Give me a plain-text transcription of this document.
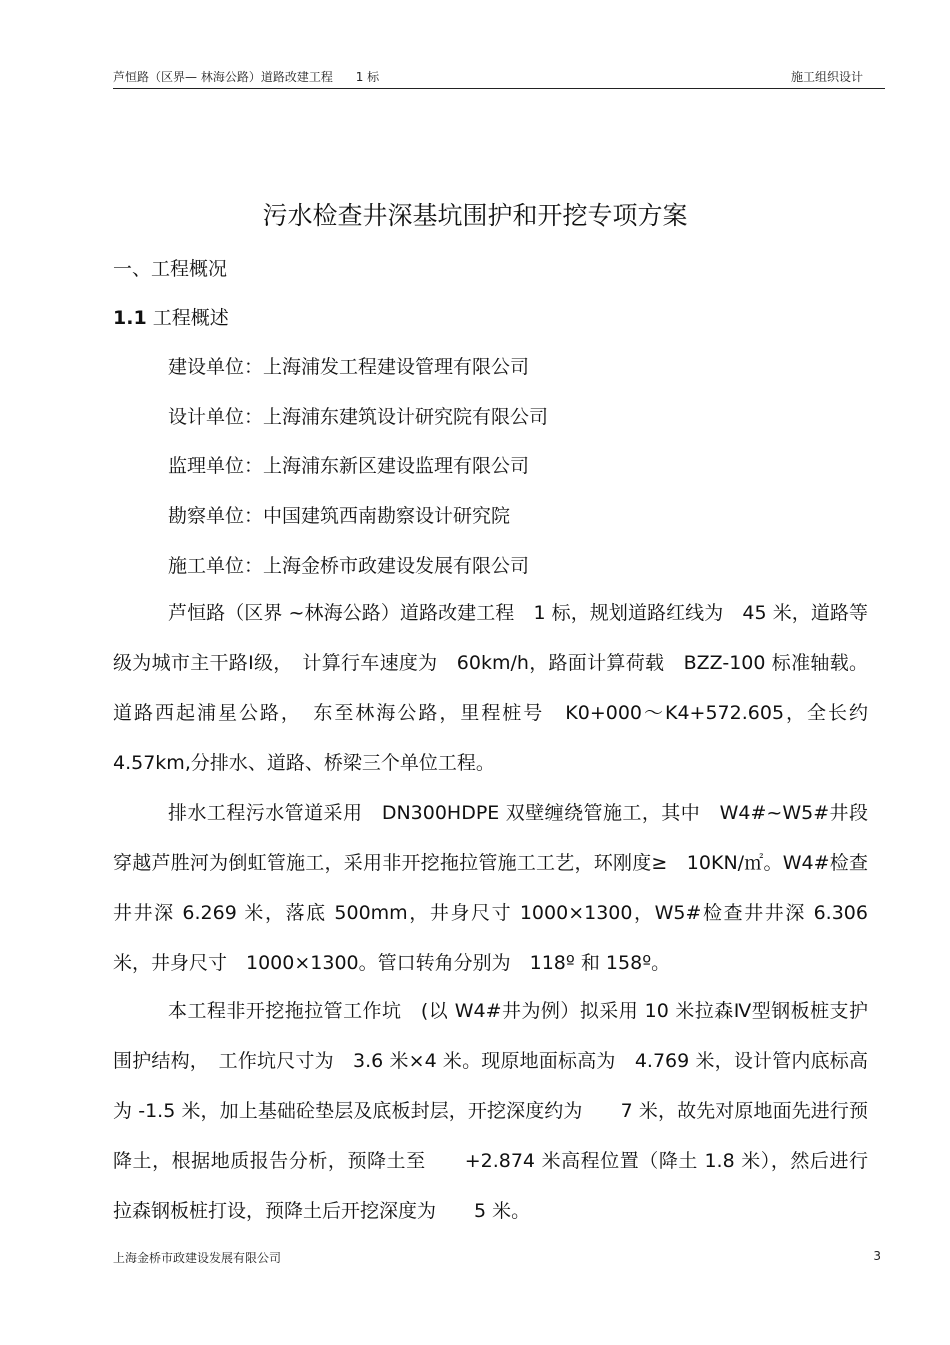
芦恒路（区界— 林海公路）道路改建工程      1 标	施工组织设计
污水检查井深基坑围护和开挖专项方案
一、工程概况
1.1 工程概述
建设单位：上海浦发工程建设管理有限公司
设计单位：上海浦东建筑设计研究院有限公司
监理单位：上海浦东新区建设监理有限公司
勘察单位：中国建筑西南勘察设计研究院
施工单位：上海金桥市政建设发展有限公司
芦恒路（区界 ~林海公路）道路改建工程　1 标，规划道路红线为　45 米，道路等级为城市主干路Ⅰ级，　计算行车速度为　60km/h，路面计算荷载　BZZ-100 标准轴载。道路西起浦星公路，　东至林海公路，里程桩号　K0+000～K4+572.605，全长约 4.57km,分排水、道路、桥梁三个单位工程。
排水工程污水管道采用　DN300HDPE 双壁缠绕管施工，其中　W4#~W5#井段穿越芦胜河为倒虹管施工，采用非开挖拖拉管施工工艺，环刚度≥　10KN/㎡。W4#检查井井深 6.269 米，落底 500mm，井身尺寸 1000×1300，W5#检查井井深 6.306 米，井身尺寸　1000×1300。管口转角分别为　118º 和 158º。
本工程非开挖拖拉管工作坑　(以 W4#井为例）拟采用 10 米拉森Ⅳ型钢板桩支护围护结构，　工作坑尺寸为　3.6 米×4 米。现原地面标高为　4.769 米，设计管内底标高为 -1.5 米，加上基础砼垫层及底板封层，开挖深度约为　　7 米，故先对原地面先进行预降土，根据地质报告分析，预降土至　　+2.874 米高程位置（降土 1.8 米），然后进行拉森钢板桩打设，预降土后开挖深度为　　5 米。
上海金桥市政建设发展有限公司	3
